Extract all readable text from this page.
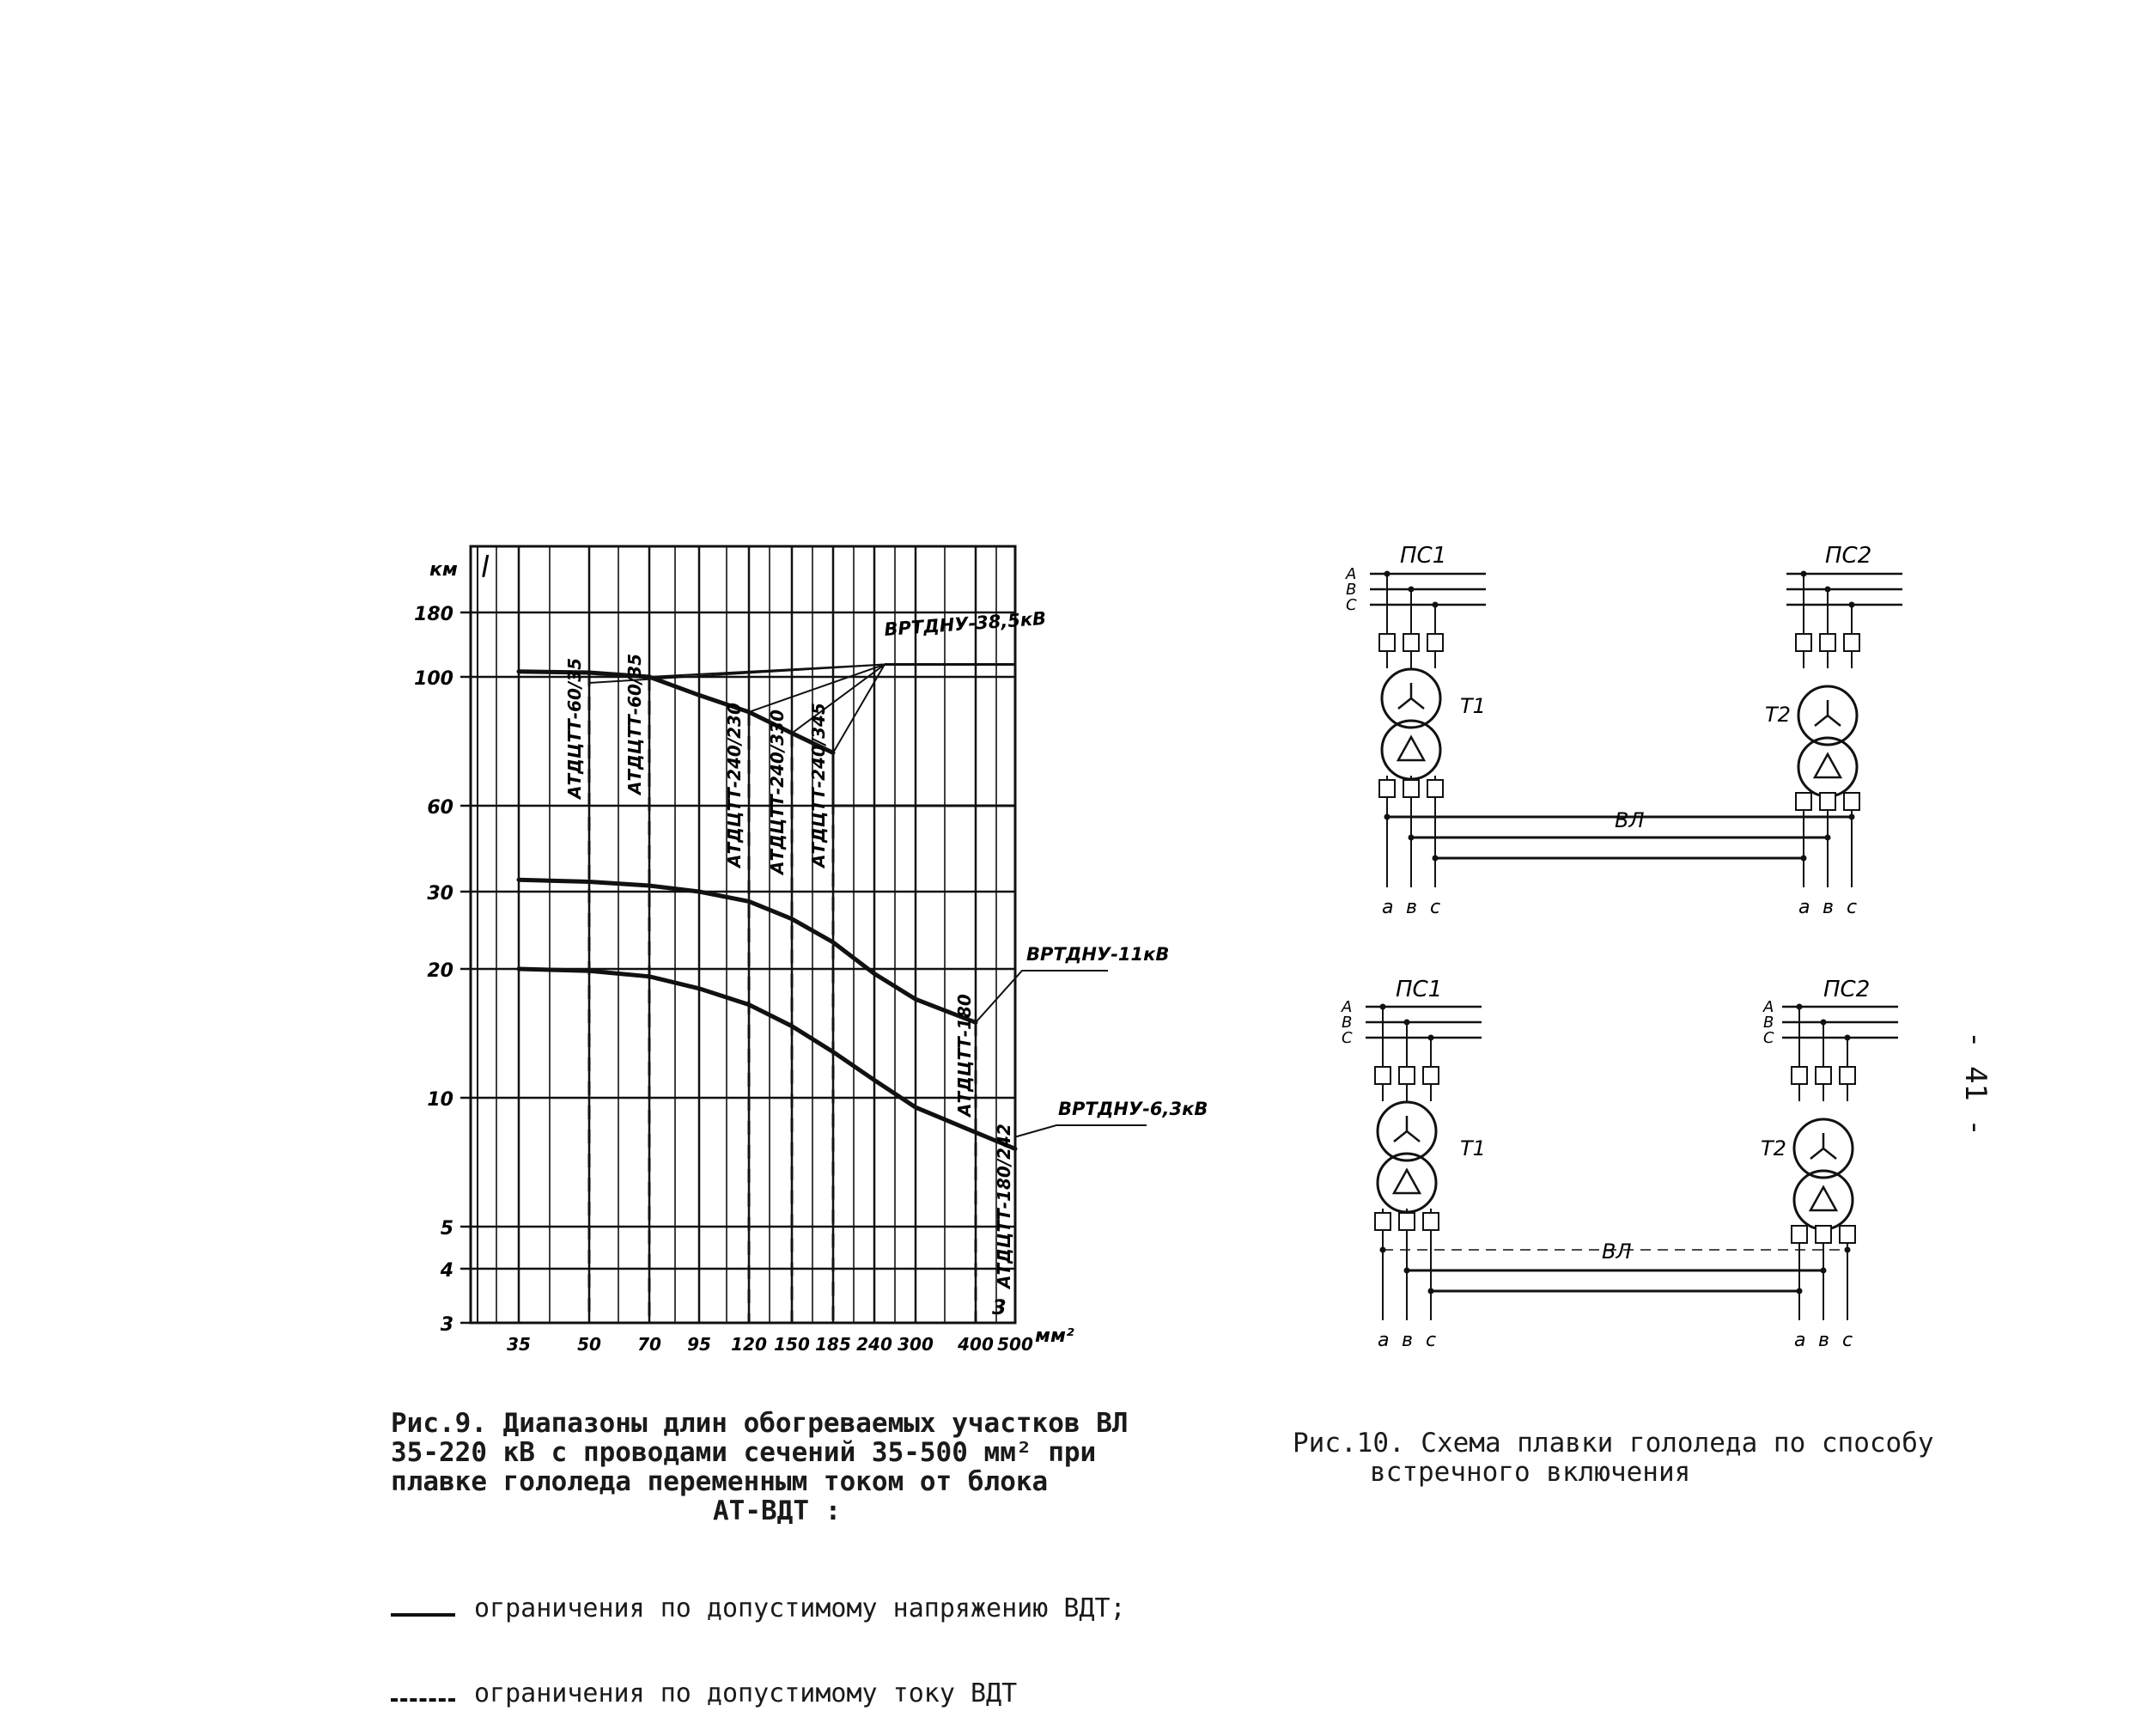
3
4
5
10
20
30
60
100
180
35	50 70 95 120 150 185 240 300 400 500
АТДЦТТ-60/35 АТДЦТТ-60/35	АТДЦТТ-240/230 АТДЦТТ-240/330 АТДЦТТ-240/345
АТДЦТТ-180
АТДЦТТ-180/242
ВРТДНУ-38,5кВ
ВРТДНУ-11кВ
ВРТДНУ-6,3кВ
км l
мм²
3
A
B
C
а в с	а в с
A	A
B	B
C	C
а в с	а в с
ПС1	ПС2
Т1	Т2
ВЛ
ПС1	ПС2
Т1	Т2
ВЛ
Рис.9. Диапазоны длин обогреваемых участков ВЛ
35-220 кВ с проводами сечений 35-500 мм² при
плавке гололеда переменным током от блока

АТ-ВДТ :

ограничения по допустимому напряжению ВДТ;

ограничения по допустимому току ВДТ

Рис.10. Схема плавки гололеда по способу

встречного включения
- 41 -
